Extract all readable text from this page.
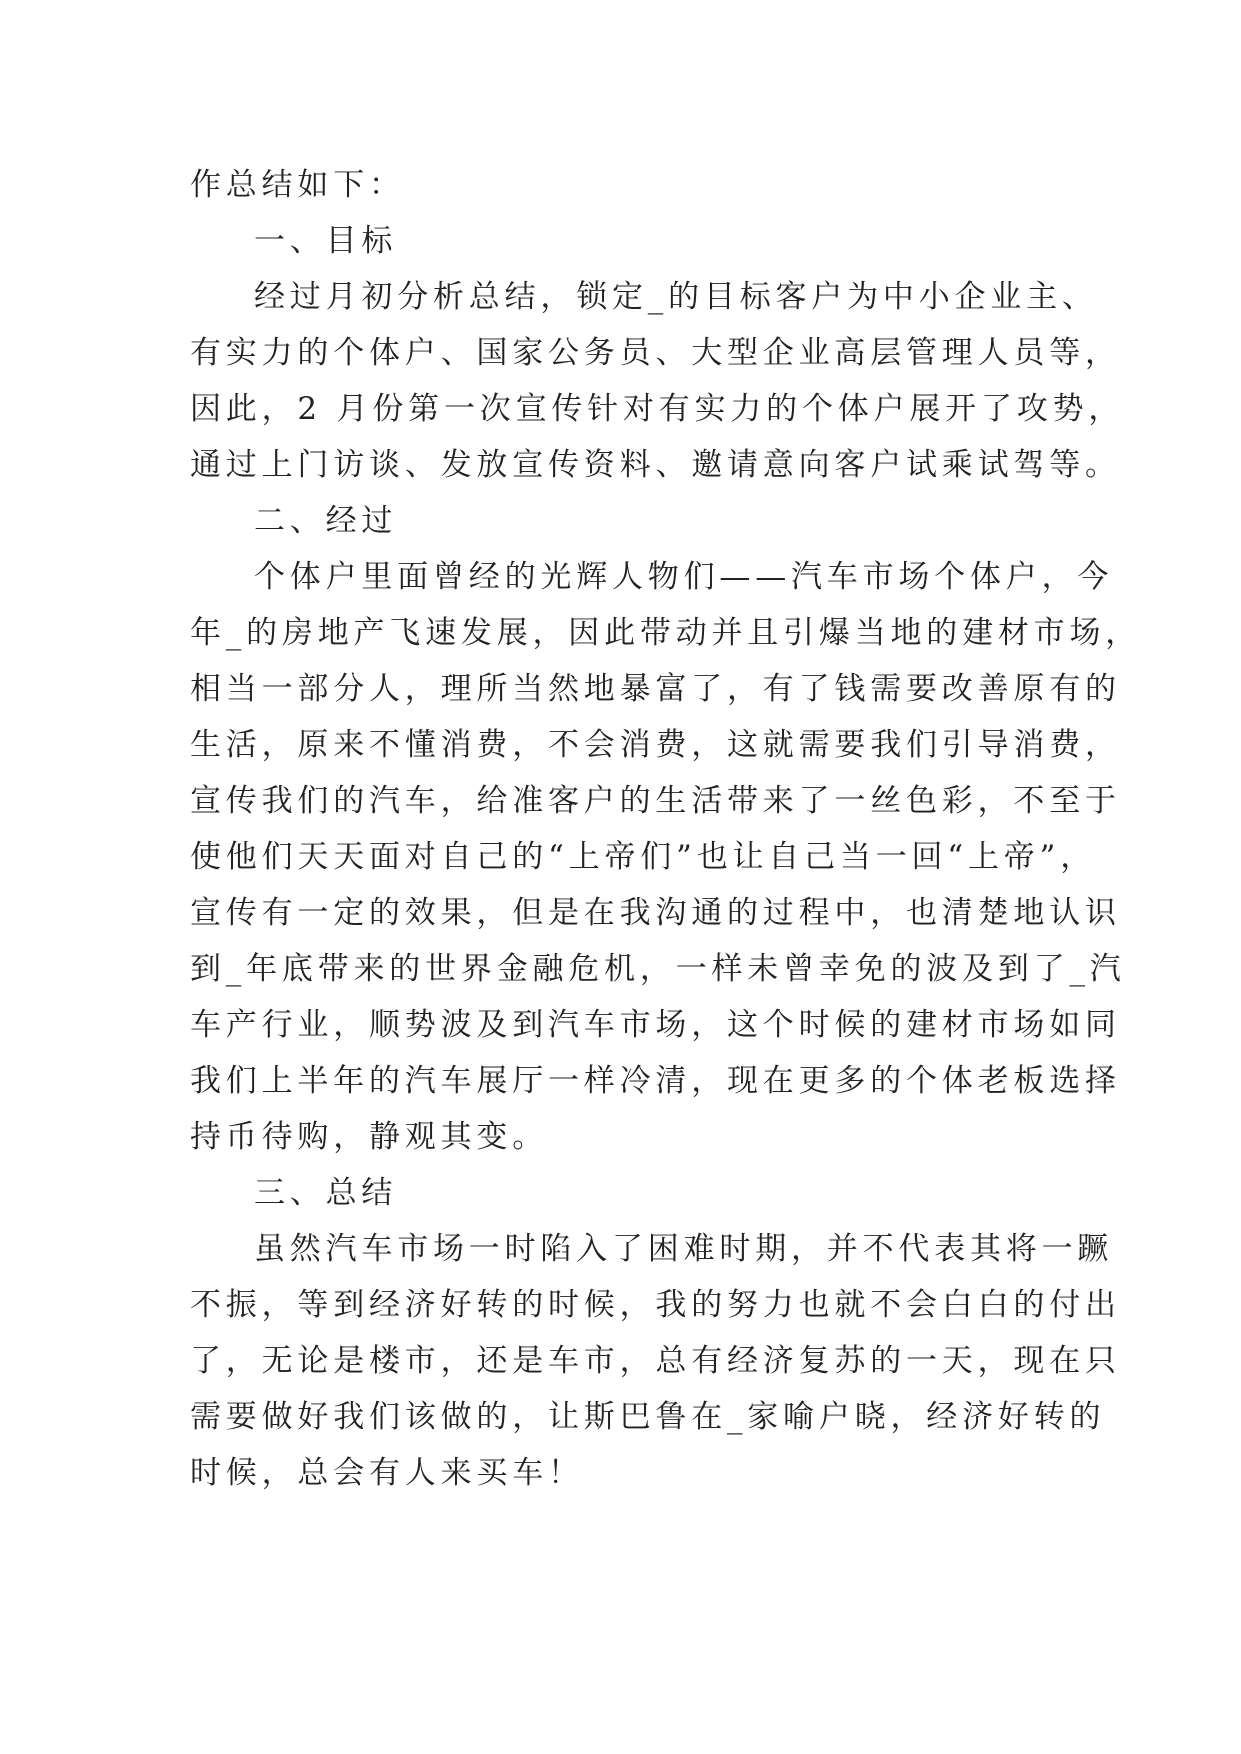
作总结如下：
一、目标
经过月初分析总结，锁定_的目标客户为中小企业主、
有实力的个体户、国家公务员、大型企业高层管理人员等，
因此，2 月份第一次宣传针对有实力的个体户展开了攻势，
通过上门访谈、发放宣传资料、邀请意向客户试乘试驾等。
二、经过
个体户里面曾经的光辉人物们——汽车市场个体户，今
年_的房地产飞速发展，因此带动并且引爆当地的建材市场，
相当一部分人，理所当然地暴富了，有了钱需要改善原有的
生活，原来不懂消费，不会消费，这就需要我们引导消费，
宣传我们的汽车，给准客户的生活带来了一丝色彩，不至于
使他们天天面对自己的“上帝们”也让自己当一回“上帝”，
宣传有一定的效果，但是在我沟通的过程中，也清楚地认识
到_年底带来的世界金融危机，一样未曾幸免的波及到了_汽
车产行业，顺势波及到汽车市场，这个时候的建材市场如同
我们上半年的汽车展厅一样冷清，现在更多的个体老板选择
持币待购，静观其变。
三、总结
虽然汽车市场一时陷入了困难时期，并不代表其将一蹶
不振，等到经济好转的时候，我的努力也就不会白白的付出
了，无论是楼市，还是车市，总有经济复苏的一天，现在只
需要做好我们该做的，让斯巴鲁在_家喻户晓，经济好转的
时候，总会有人来买车！
